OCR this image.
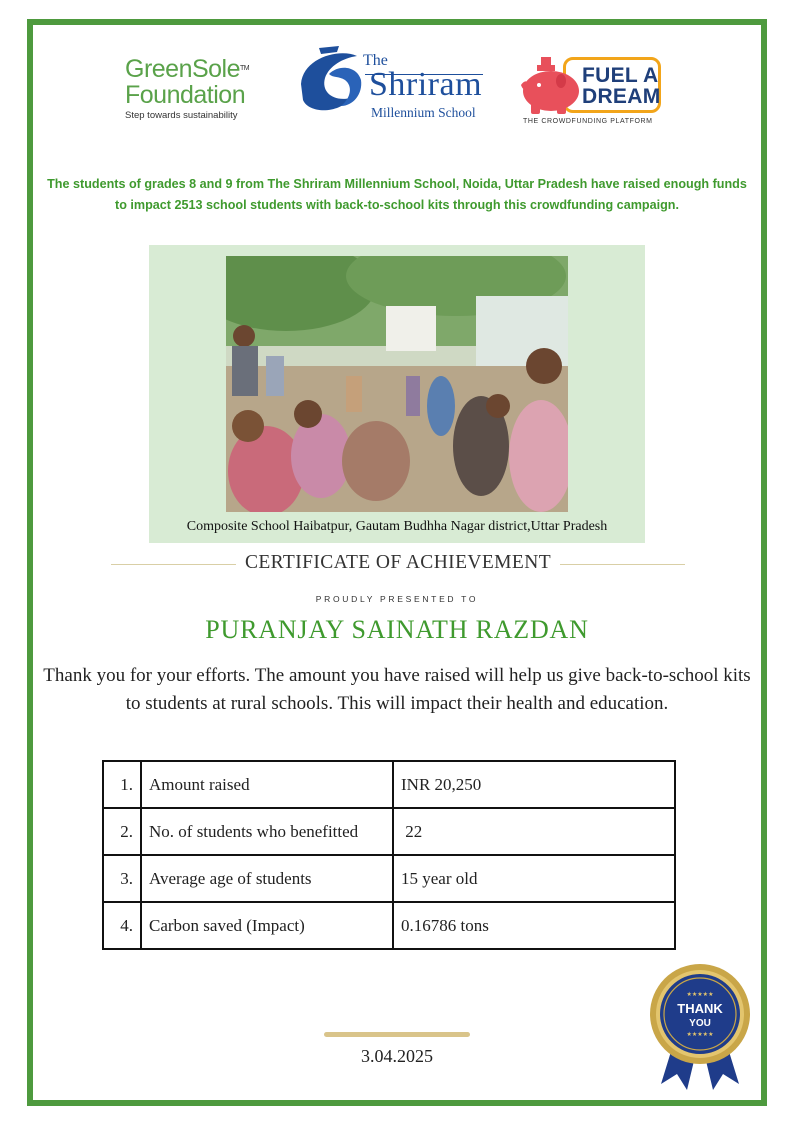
GreenSole™
Foundation
Step towards sustainability
The
Shriram
Millennium School
FUEL A
DREAM
THE CROWDFUNDING PLATFORM
The students of grades 8 and 9 from The Shriram Millennium School, Noida, Uttar Pradesh have raised enough funds to impact 2513 school students with back-to-school kits through this crowdfunding campaign.
Composite School Haibatpur, Gautam Budhha Nagar district,Uttar Pradesh
CERTIFICATE OF ACHIEVEMENT
PROUDLY PRESENTED TO
PURANJAY SAINATH RAZDAN
Thank you for your efforts. The amount you have raised will help us give back-to-school kits to students at rural schools. This will impact their health and education.
1.	Amount raised	INR 20,250
2.	No. of students who benefitted	22
3.	Average age of students	15 year old
4.	Carbon saved (Impact)	0.16786 tons
★★★★★
THANK
YOU
★★★★★
3.04.2025
